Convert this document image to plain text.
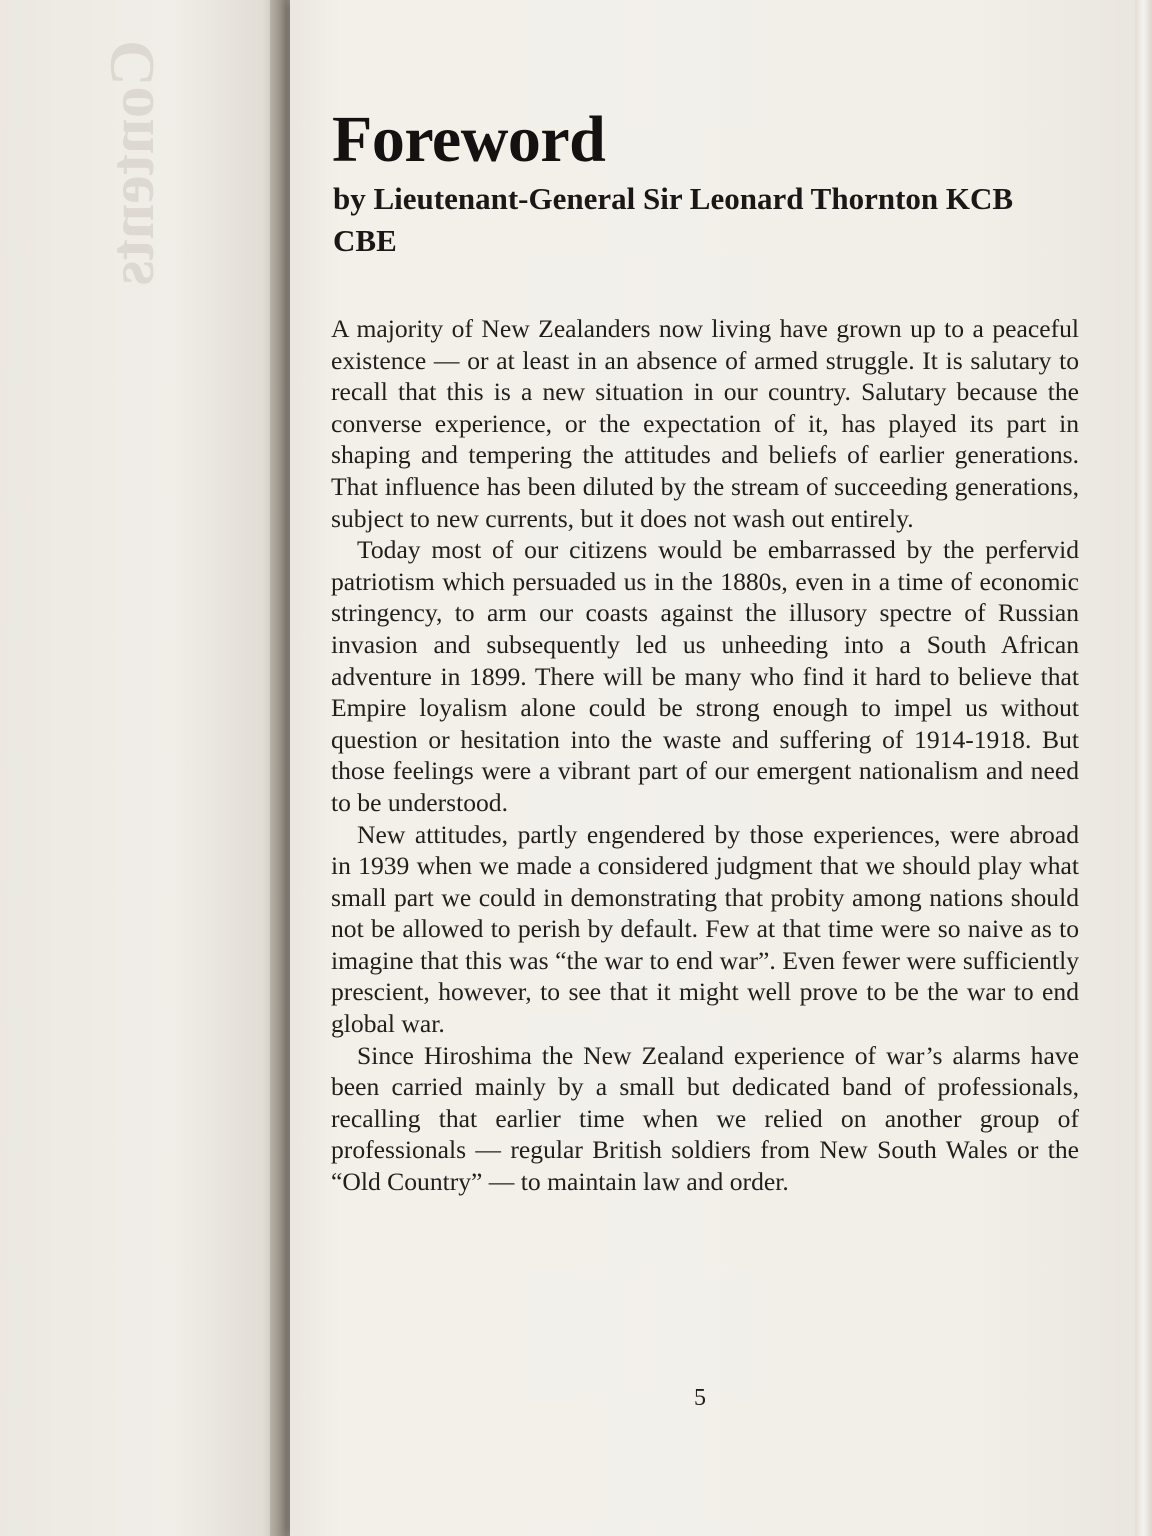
Contents	Foreword
by Lieutenant-General Sir Leonard Thornton KCB CBE

A majority of New Zealanders now living have grown up to a peaceful existence — or at least in an absence of armed struggle. It is salutary to recall that this is a new situation in our country. Salutary because the converse experience, or the expectation of it, has played its part in shaping and tempering the attitudes and beliefs of earlier generations. That influence has been diluted by the stream of succeeding generations, subject to new currents, but it does not wash out entirely.

Today most of our citizens would be embarrassed by the perfervid patriotism which persuaded us in the 1880s, even in a time of economic stringency, to arm our coasts against the illusory spectre of Russian invasion and subsequently led us unheeding into a South African adventure in 1899. There will be many who find it hard to believe that Empire loyalism alone could be strong enough to impel us without question or hesitation into the waste and suffering of 1914-1918. But those feelings were a vibrant part of our emergent nationalism and need to be understood.

New attitudes, partly engendered by those experiences, were abroad in 1939 when we made a considered judgment that we should play what small part we could in demonstrating that probity among nations should not be allowed to perish by default. Few at that time were so naive as to imagine that this was “the war to end war”. Even fewer were sufficiently prescient, however, to see that it might well prove to be the war to end global war.

Since Hiroshima the New Zealand experience of war’s alarms have been carried mainly by a small but dedicated band of professionals, recalling that earlier time when we relied on another group of professionals — regular British soldiers from New South Wales or the “Old Country” — to maintain law and order.

5
